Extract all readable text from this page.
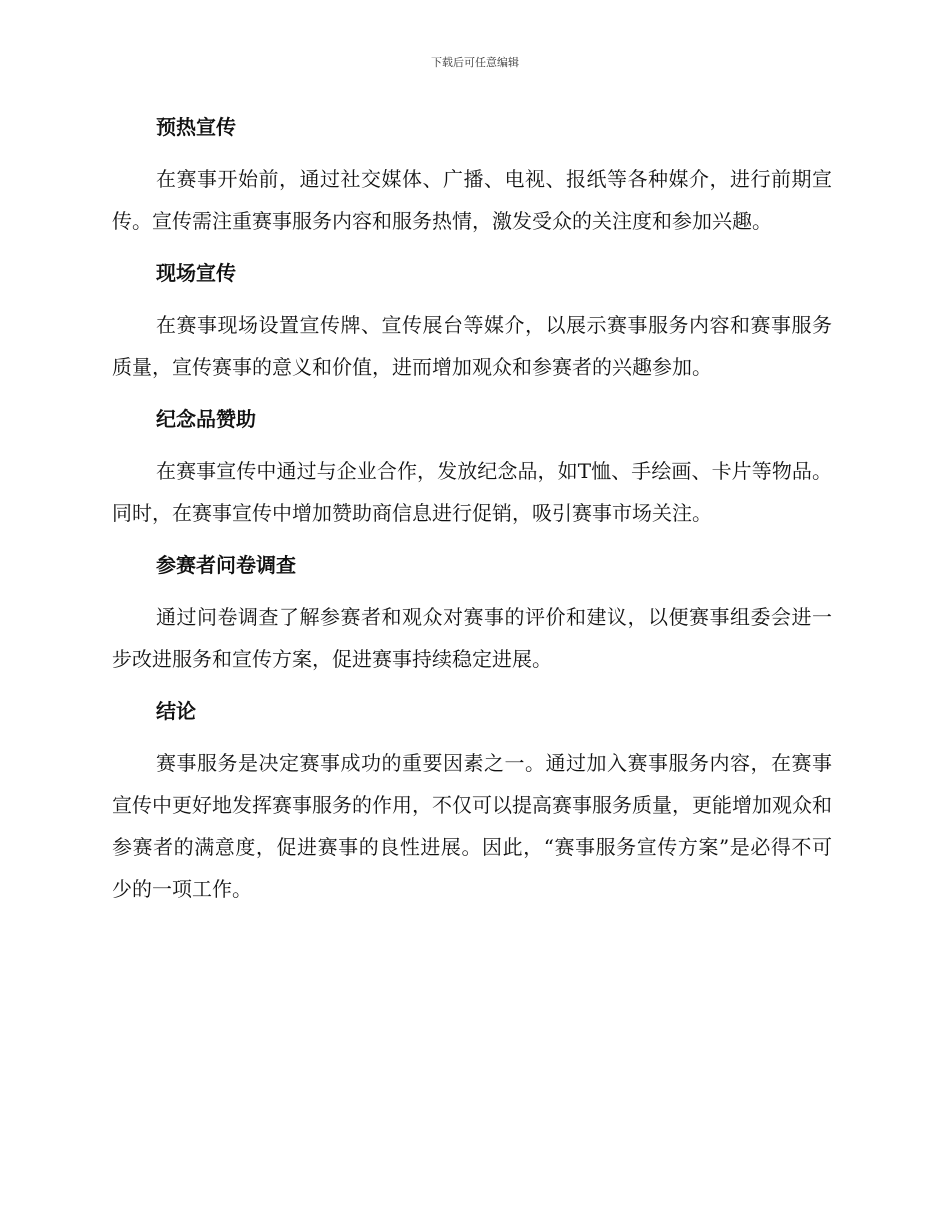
下载后可任意编辑
预热宣传

在赛事开始前，通过社交媒体、广播、电视、报纸等各种媒介，进行前期宣传。宣传需注重赛事服务内容和服务热情，激发受众的关注度和参加兴趣。

现场宣传

在赛事现场设置宣传牌、宣传展台等媒介，以展示赛事服务内容和赛事服务质量，宣传赛事的意义和价值，进而增加观众和参赛者的兴趣参加。

纪念品赞助

在赛事宣传中通过与企业合作，发放纪念品，如T恤、手绘画、卡片等物品。同时，在赛事宣传中增加赞助商信息进行促销，吸引赛事市场关注。

参赛者问卷调查

通过问卷调查了解参赛者和观众对赛事的评价和建议，以便赛事组委会进一步改进服务和宣传方案，促进赛事持续稳定进展。

结论

赛事服务是决定赛事成功的重要因素之一。通过加入赛事服务内容，在赛事宣传中更好地发挥赛事服务的作用，不仅可以提高赛事服务质量，更能增加观众和参赛者的满意度，促进赛事的良性进展。因此，“赛事服务宣传方案”是必得不可少的一项工作。
